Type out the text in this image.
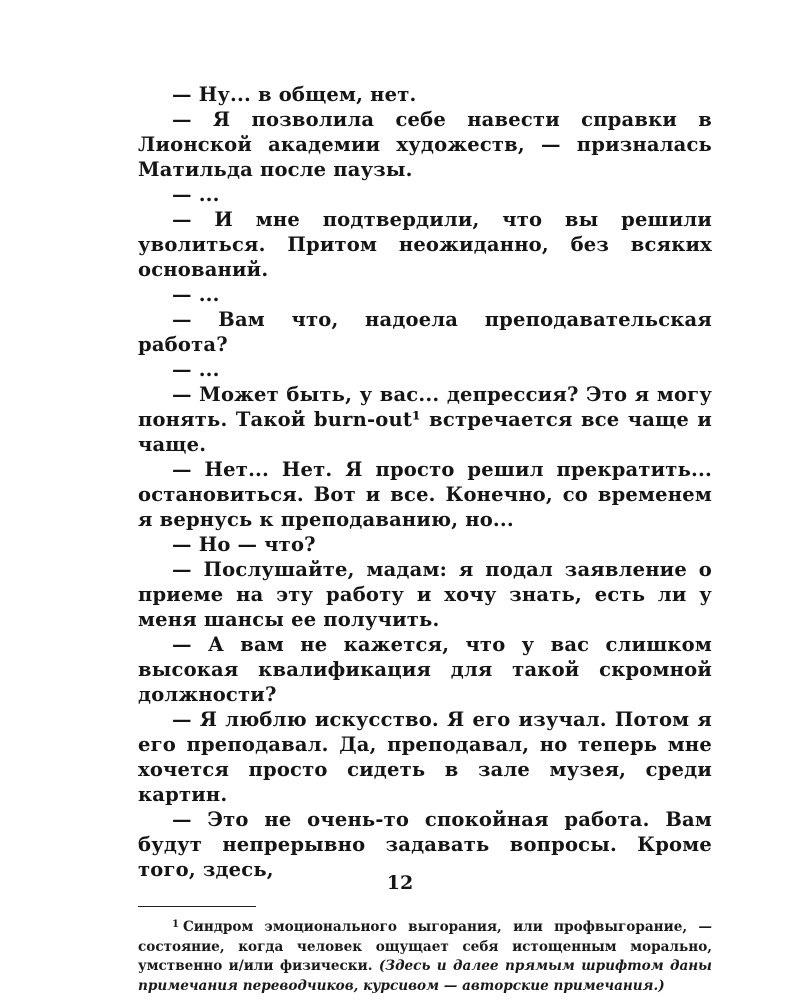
— Ну... в общем, нет.

— Я позволила себе навести справки в Лионской академии художеств, — призналась Матильда после паузы.

— ...

— И мне подтвердили, что вы решили уволиться. Притом неожиданно, без всяких оснований.

— ...

— Вам что, надоела преподавательская работа?

— ...

— Может быть, у вас... депрессия? Это я могу понять. Такой burn-out¹ встречается все чаще и чаще.

— Нет... Нет. Я просто решил прекратить... остановиться. Вот и все. Конечно, со временем я вернусь к преподаванию, но...

— Но — что?

— Послушайте, мадам: я подал заявление о приеме на эту работу и хочу знать, есть ли у меня шансы ее получить.

— А вам не кажется, что у вас слишком высокая квалификация для такой скромной должности?

— Я люблю искусство. Я его изучал. Потом я его преподавал. Да, преподавал, но теперь мне хочется просто сидеть в зале музея, среди картин.

— Это не очень-то спокойная работа. Вам будут непрерывно задавать вопросы. Кроме того, здесь,

$^1$ Синдром эмоционального выгорания, или профвыгорание, — состояние, когда человек ощущает себя истощенным морально, умственно и/или физически. (Здесь и далее прямым шрифтом даны примечания переводчиков, курсивом — авторские примечания.)

12
